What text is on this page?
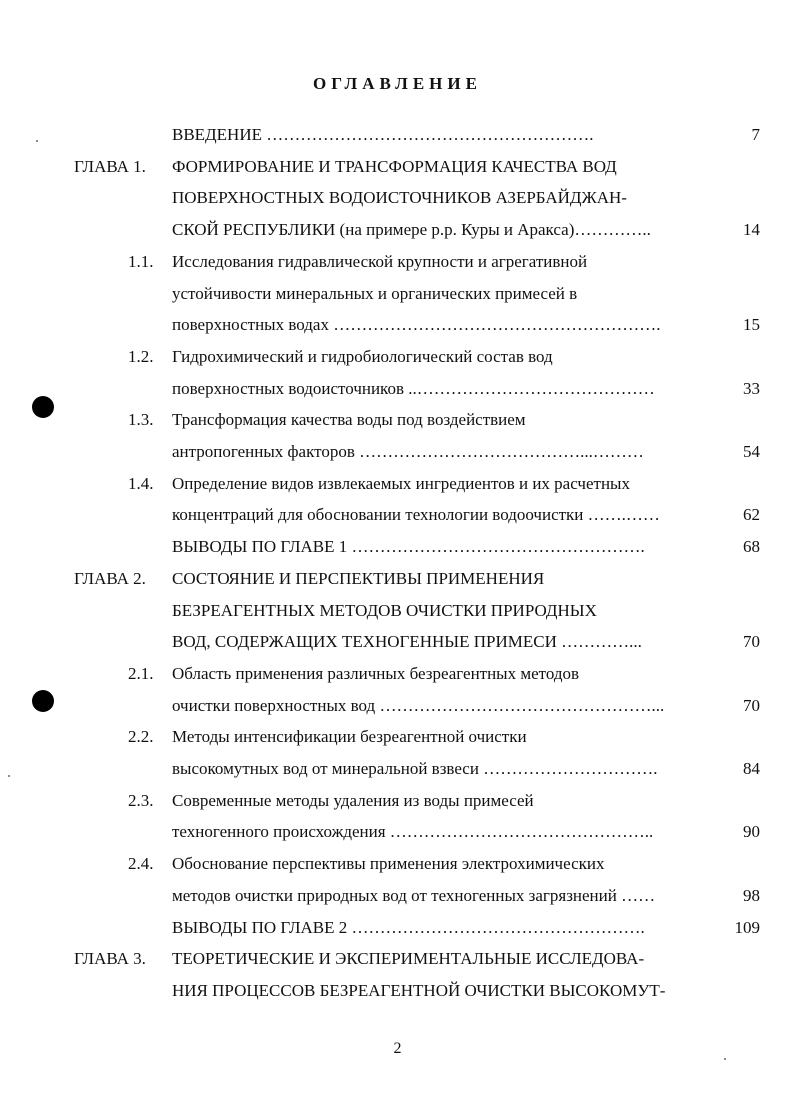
ОГЛАВЛЕНИЕ
ВВЕДЕНИЕ ………………………………………………….	7
ГЛАВА 1. ФОРМИРОВАНИЕ И ТРАНСФОРМАЦИЯ КАЧЕСТВА ВОД
ПОВЕРХНОСТНЫХ ВОДОИСТОЧНИКОВ АЗЕРБАЙДЖАН-
СКОЙ РЕСПУБЛИКИ (на примере р.р. Куры и Аракса)…………..	14
1.1. Исследования гидравлической крупности и агрегативной
устойчивости минеральных и органических примесей в
поверхностных водах ………………………………………………….	15
1.2. Гидрохимический и гидробиологический состав вод
поверхностных водоисточников ..……………………………………	33
1.3. Трансформация качества воды под воздействием
антропогенных факторов …………………………………...………	54
1.4. Определение видов извлекаемых ингредиентов и их расчетных
концентраций для обосновании технологии водоочистки …….……	62
ВЫВОДЫ ПО ГЛАВЕ 1 …………………………………………….	68
ГЛАВА 2. СОСТОЯНИЕ И ПЕРСПЕКТИВЫ ПРИМЕНЕНИЯ
БЕЗРЕАГЕНТНЫХ МЕТОДОВ ОЧИСТКИ ПРИРОДНЫХ
ВОД, СОДЕРЖАЩИХ ТЕХНОГЕННЫЕ ПРИМЕСИ …………...	70
2.1. Область применения различных безреагентных методов
очистки поверхностных вод …………………………………………...	70
2.2. Методы интенсификации безреагентной очистки
высокомутных вод от минеральной взвеси ………………………….	84
2.3. Современные методы удаления из воды примесей
техногенного происхождения ………………………………………..	90
2.4. Обоснование перспективы применения электрохимических
методов очистки природных вод от техногенных загрязнений ……	98
ВЫВОДЫ ПО ГЛАВЕ 2 …………………………………………….	109
ГЛАВА 3. ТЕОРЕТИЧЕСКИЕ И ЭКСПЕРИМЕНТАЛЬНЫЕ ИССЛЕДОВА-
НИЯ ПРОЦЕССОВ БЕЗРЕАГЕНТНОЙ ОЧИСТКИ ВЫСОКОМУТ-
2
